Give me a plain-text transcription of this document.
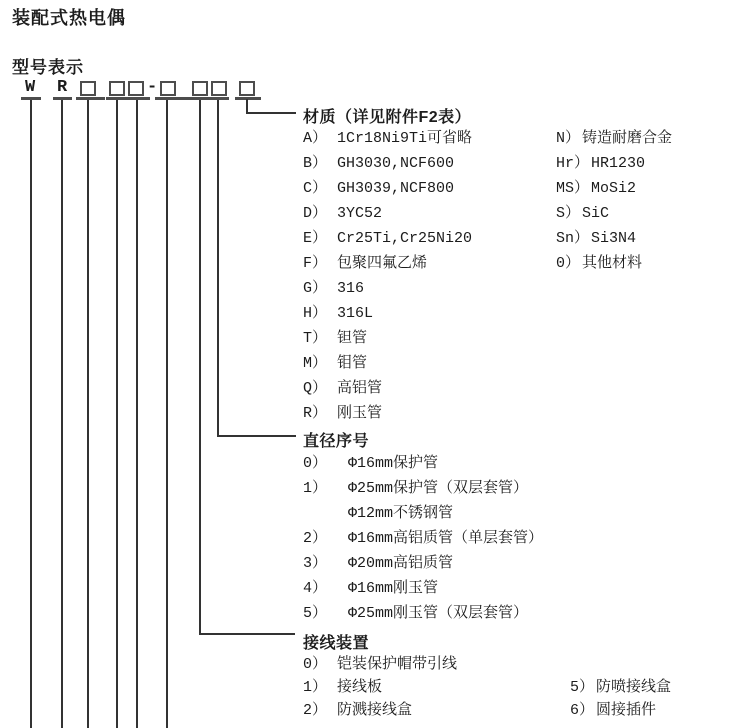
装配式热电偶
型号表示
W R	-
材质（详见附件F2表）
A） 1Cr18Ni9Ti可省略
B） GH3030,NCF600
C） GH3039,NCF800
D） 3YC52
E） Cr25Ti,Cr25Ni20
F） 包聚四氟乙烯
G） 316
H） 316L
T） 钽管
M） 钼管
Q） 高铝管
R） 刚玉管
N） 铸造耐磨合金
Hr） HR1230
MS） MoSi2
S） SiC
Sn） Si3N4
0） 其他材料
直径序号
0） Φ16mm保护管
1） Φ25mm保护管（双层套管）
Φ12mm不锈钢管
2） Φ16mm高铝质管（单层套管）
3） Φ20mm高铝质管
4） Φ16mm刚玉管
5） Φ25mm刚玉管（双层套管）
接线装置
0） 铠装保护帽带引线
1） 接线板
2） 防溅接线盒
5） 防喷接线盒
6） 圆接插件
